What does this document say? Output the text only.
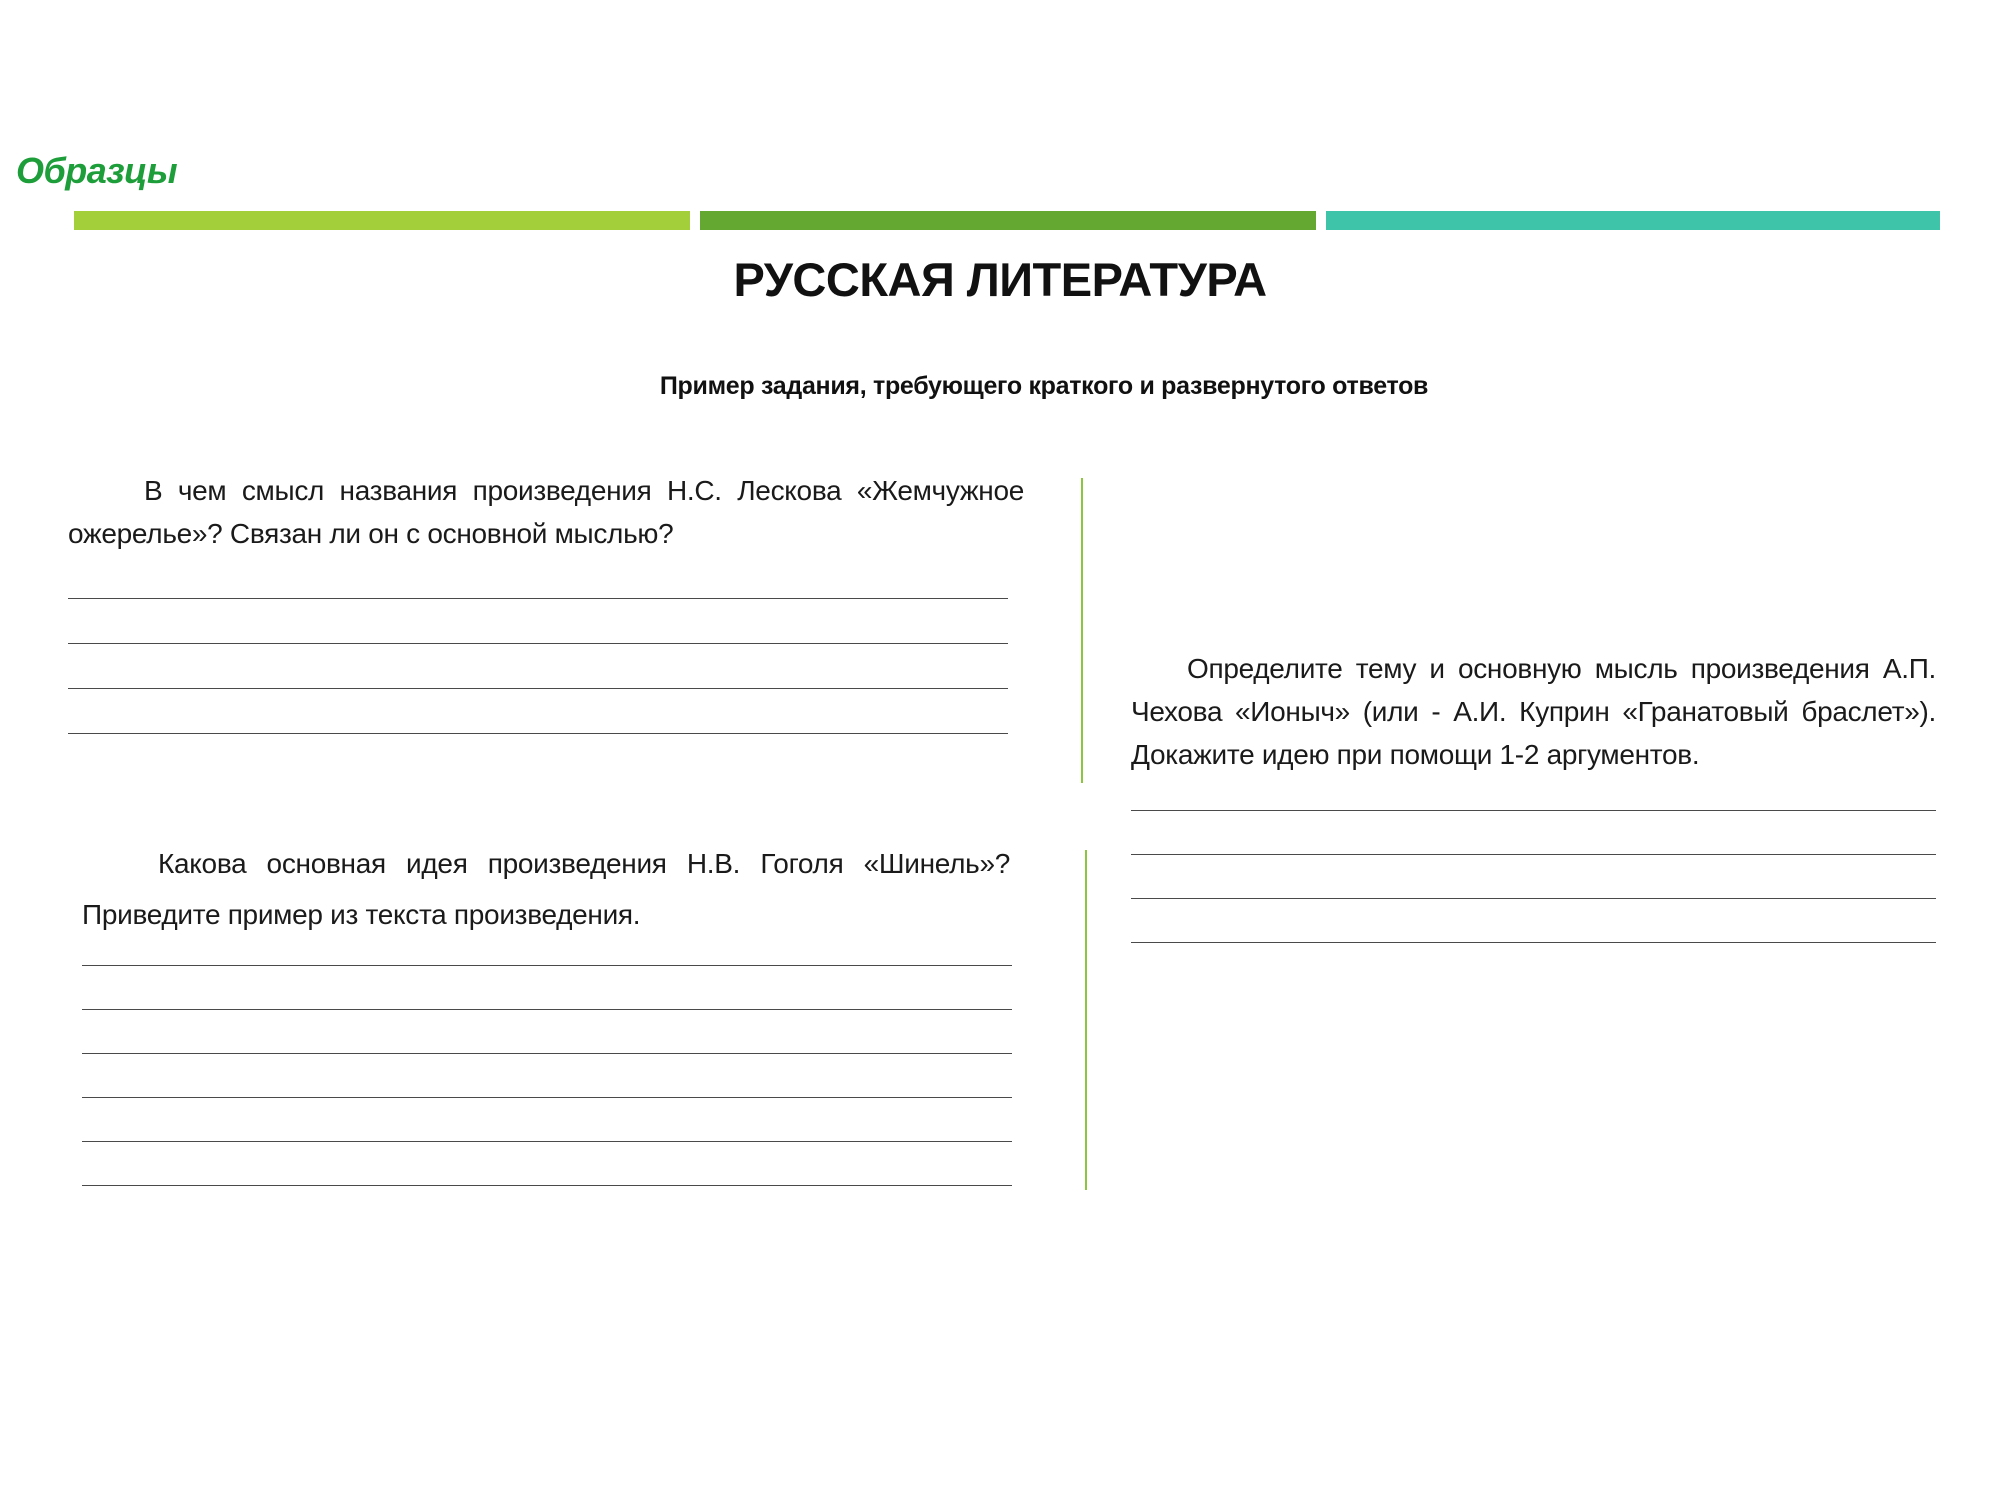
Образцы
РУССКАЯ ЛИТЕРАТУРА
Пример задания, требующего краткого и развернутого ответов
В чем смысл названия произведения Н.С. Лескова «Жемчужное ожерелье»? Связан ли он с основной мыслью?
Какова основная идея произведения Н.В. Гоголя «Шинель»? Приведите пример из текста произведения.
Определите тему и основную мысль произведения А.П. Чехова «Ионыч» (или - А.И. Куприн «Гранатовый браслет»). Докажите идею при помощи 1-2 аргументов.
